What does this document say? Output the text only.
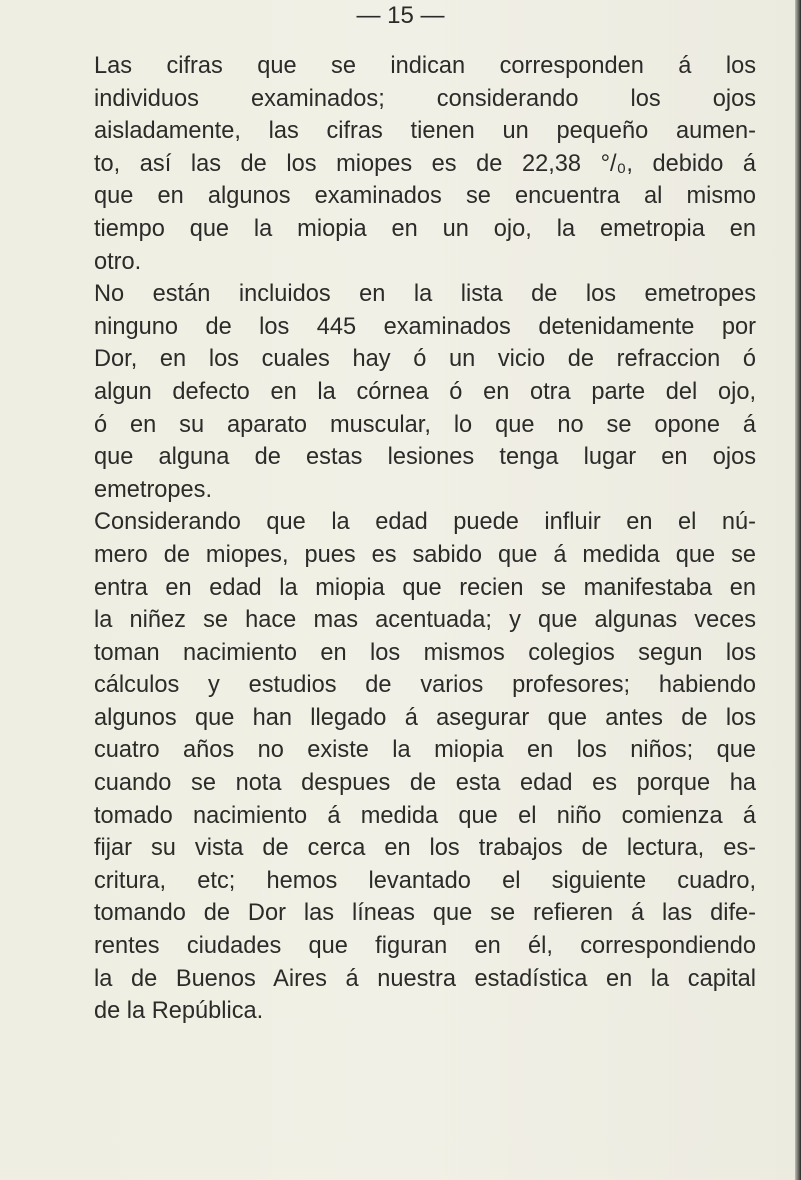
— 15 —
Las cifras que se indican corresponden á los
individuos examinados; considerando los ojos
aisladamente, las cifras tienen un pequeño aumen-
to, así las de los miopes es de 22,38 °/₀, debido á
que en algunos examinados se encuentra al mismo
tiempo que la miopia en un ojo, la emetropia en
otro.
No están incluidos en la lista de los emetropes
ninguno de los 445 examinados detenidamente por
Dor, en los cuales hay ó un vicio de refraccion ó
algun defecto en la córnea ó en otra parte del ojo,
ó en su aparato muscular, lo que no se opone á
que alguna de estas lesiones tenga lugar en ojos
emetropes.
Considerando que la edad puede influir en el nú-
mero de miopes, pues es sabido que á medida que se
entra en edad la miopia que recien se manifestaba en
la niñez se hace mas acentuada; y que algunas veces
toman nacimiento en los mismos colegios segun los
cálculos y estudios de varios profesores; habiendo
algunos que han llegado á asegurar que antes de los
cuatro años no existe la miopia en los niños; que
cuando se nota despues de esta edad es porque ha
tomado nacimiento á medida que el niño comienza á
fijar su vista de cerca en los trabajos de lectura, es-
critura, etc; hemos levantado el siguiente cuadro,
tomando de Dor las líneas que se refieren á las dife-
rentes ciudades que figuran en él, correspondiendo
la de Buenos Aires á nuestra estadística en la capital
de la República.
